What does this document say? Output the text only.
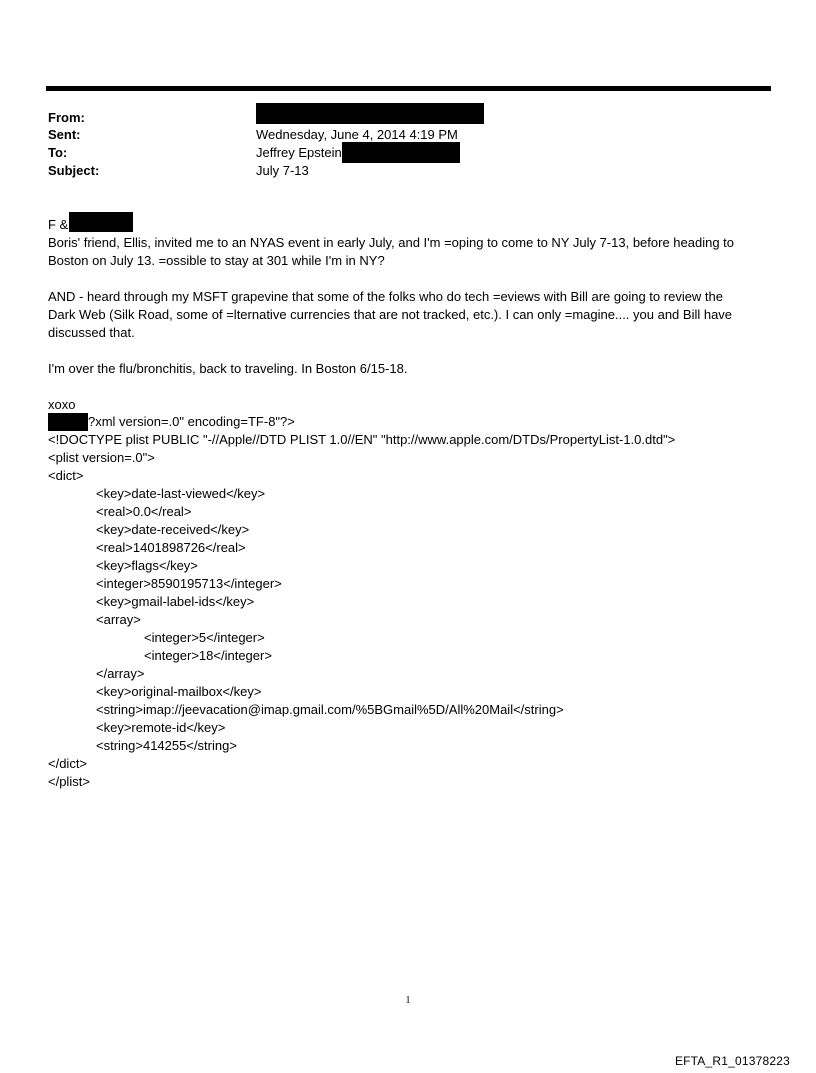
From:
Sent:	Wednesday, June 4, 2014 4:19 PM
To:	Jeffrey Epstein
Subject:	July 7-13
F &
Boris' friend, Ellis, invited me to an NYAS event in early July, and I'm =oping to come to NY July 7-13, before heading to
Boston on July 13. =ossible to stay at 301 while I'm in NY?
AND - heard through my MSFT grapevine that some of the folks who do tech =eviews with Bill are going to review the
Dark Web (Silk Road, some of =lternative currencies that are not tracked, etc.). I can only =magine.... you and Bill have
discussed that.
I'm over the flu/bronchitis, back to traveling. In Boston 6/15-18.
xoxo
?xml version=.0" encoding=TF-8"?>
<!DOCTYPE plist PUBLIC "-//Apple//DTD PLIST 1.0//EN" "http://www.apple.com/DTDs/PropertyList-1.0.dtd">
<plist version=.0">
<dict>
<key>date-last-viewed</key>
<real>0.0</real>
<key>date-received</key>
<real>1401898726</real>
<key>flags</key>
<integer>8590195713</integer>
<key>gmail-label-ids</key>
<array>
<integer>5</integer>
<integer>18</integer>
</array>
<key>original-mailbox</key>
<string>imap://jeevacation@imap.gmail.com/%5BGmail%5D/All%20Mail</string>
<key>remote-id</key>
<string>414255</string>
</dict>
</plist>
1
EFTA_R1_01378223
